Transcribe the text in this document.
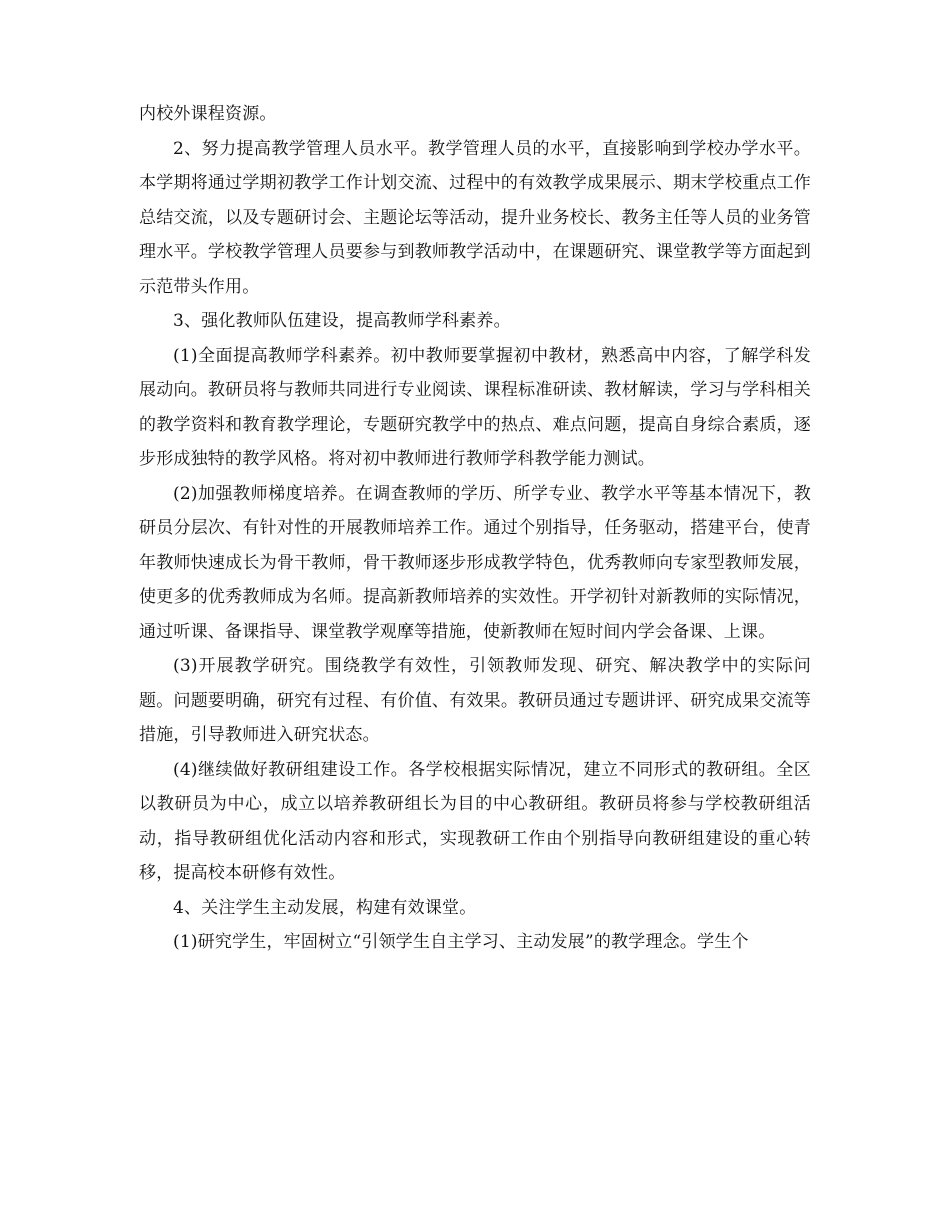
内校外课程资源。

2、努力提高教学管理人员水平。教学管理人员的水平，直接影响到学校办学水平。本学期将通过学期初教学工作计划交流、过程中的有效教学成果展示、期末学校重点工作总结交流，以及专题研讨会、主题论坛等活动，提升业务校长、教务主任等人员的业务管理水平。学校教学管理人员要参与到教师教学活动中，在课题研究、课堂教学等方面起到示范带头作用。

3、强化教师队伍建设，提高教师学科素养。

(1)全面提高教师学科素养。初中教师要掌握初中教材，熟悉高中内容，了解学科发展动向。教研员将与教师共同进行专业阅读、课程标准研读、教材解读，学习与学科相关的教学资料和教育教学理论，专题研究教学中的热点、难点问题，提高自身综合素质，逐步形成独特的教学风格。将对初中教师进行教师学科教学能力测试。

(2)加强教师梯度培养。在调查教师的学历、所学专业、教学水平等基本情况下，教研员分层次、有针对性的开展教师培养工作。通过个别指导，任务驱动，搭建平台，使青年教师快速成长为骨干教师，骨干教师逐步形成教学特色，优秀教师向专家型教师发展，使更多的优秀教师成为名师。提高新教师培养的实效性。开学初针对新教师的实际情况，通过听课、备课指导、课堂教学观摩等措施，使新教师在短时间内学会备课、上课。

(3)开展教学研究。围绕教学有效性，引领教师发现、研究、解决教学中的实际问题。问题要明确，研究有过程、有价值、有效果。教研员通过专题讲评、研究成果交流等措施，引导教师进入研究状态。

(4)继续做好教研组建设工作。各学校根据实际情况，建立不同形式的教研组。全区以教研员为中心，成立以培养教研组长为目的中心教研组。教研员将参与学校教研组活动，指导教研组优化活动内容和形式，实现教研工作由个别指导向教研组建设的重心转移，提高校本研修有效性。

4、关注学生主动发展，构建有效课堂。

(1)研究学生，牢固树立“引领学生自主学习、主动发展”的教学理念。学生个
